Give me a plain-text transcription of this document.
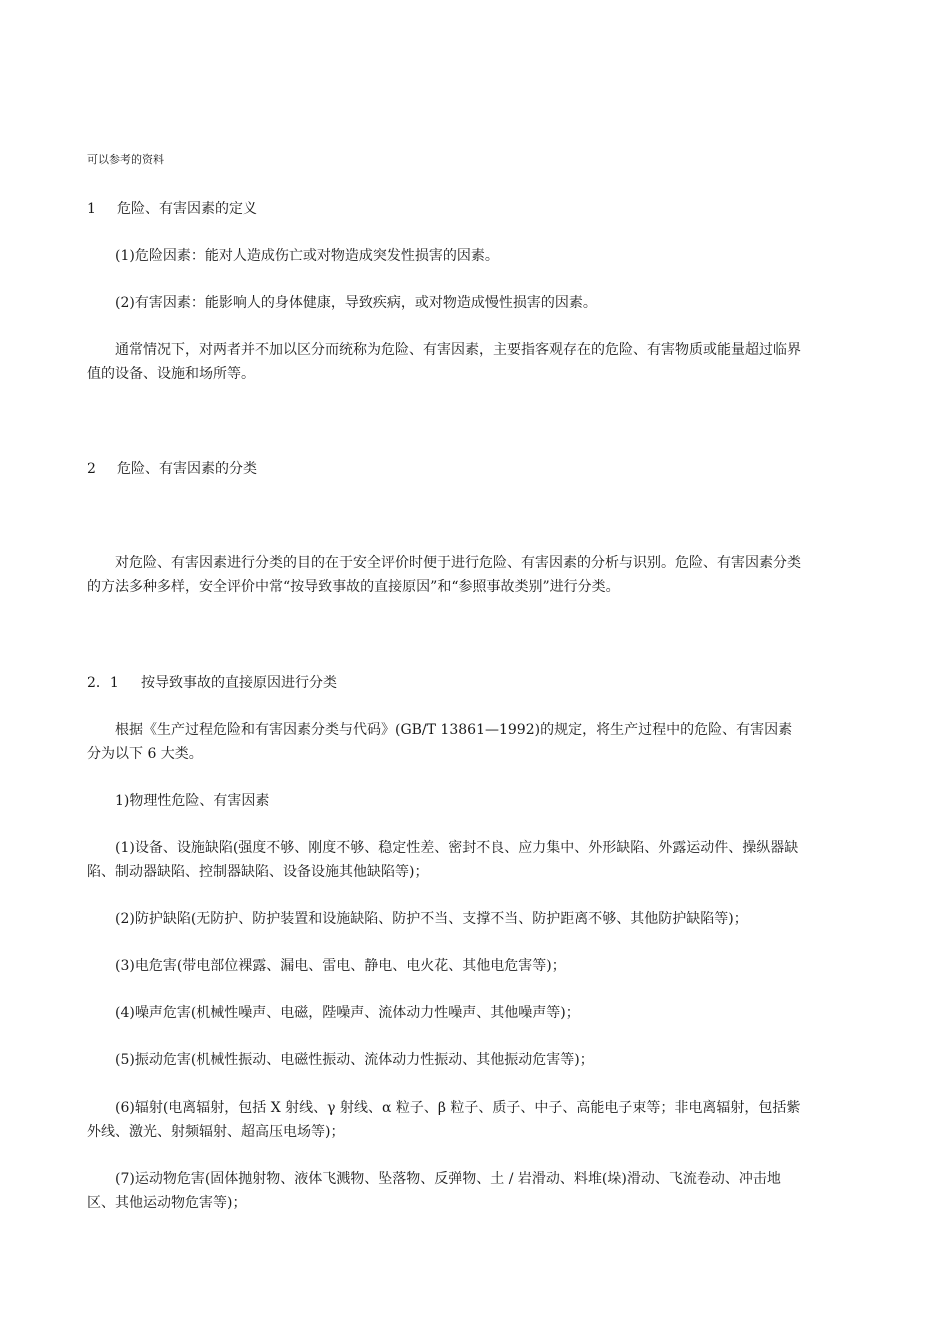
可以参考的资料
1 危险、有害因素的定义
(1)危险因素：能对人造成伤亡或对物造成突发性损害的因素。
(2)有害因素：能影响人的身体健康，导致疾病，或对物造成慢性损害的因素。
通常情况下，对两者并不加以区分而统称为危险、有害因素，主要指客观存在的危险、有害物质或能量超过临界值的设备、设施和场所等。
2 危险、有害因素的分类
对危险、有害因素进行分类的目的在于安全评价时便于进行危险、有害因素的分析与识别。危险、有害因素分类的方法多种多样，安全评价中常“按导致事故的直接原因”和“参照事故类别”进行分类。
2．1 按导致事故的直接原因进行分类
根据《生产过程危险和有害因素分类与代码》(GB/T 13861—1992)的规定，将生产过程中的危险、有害因素分为以下 6 大类。
1)物理性危险、有害因素
(1)设备、设施缺陷(强度不够、刚度不够、稳定性差、密封不良、应力集中、外形缺陷、外露运动件、操纵器缺陷、制动器缺陷、控制器缺陷、设备设施其他缺陷等)；
(2)防护缺陷(无防护、防护装置和设施缺陷、防护不当、支撑不当、防护距离不够、其他防护缺陷等)；
(3)电危害(带电部位裸露、漏电、雷电、静电、电火花、其他电危害等)；
(4)噪声危害(机械性噪声、电磁，陛噪声、流体动力性噪声、其他噪声等)；
(5)振动危害(机械性振动、电磁性振动、流体动力性振动、其他振动危害等)；
(6)辐射(电离辐射，包括 X 射线、γ 射线、α 粒子、β 粒子、质子、中子、高能电子束等；非电离辐射，包括紫外线、激光、射频辐射、超高压电场等)；
(7)运动物危害(固体抛射物、液体飞溅物、坠落物、反弹物、土 / 岩滑动、料堆(垛)滑动、飞流卷动、冲击地区、其他运动物危害等)；
